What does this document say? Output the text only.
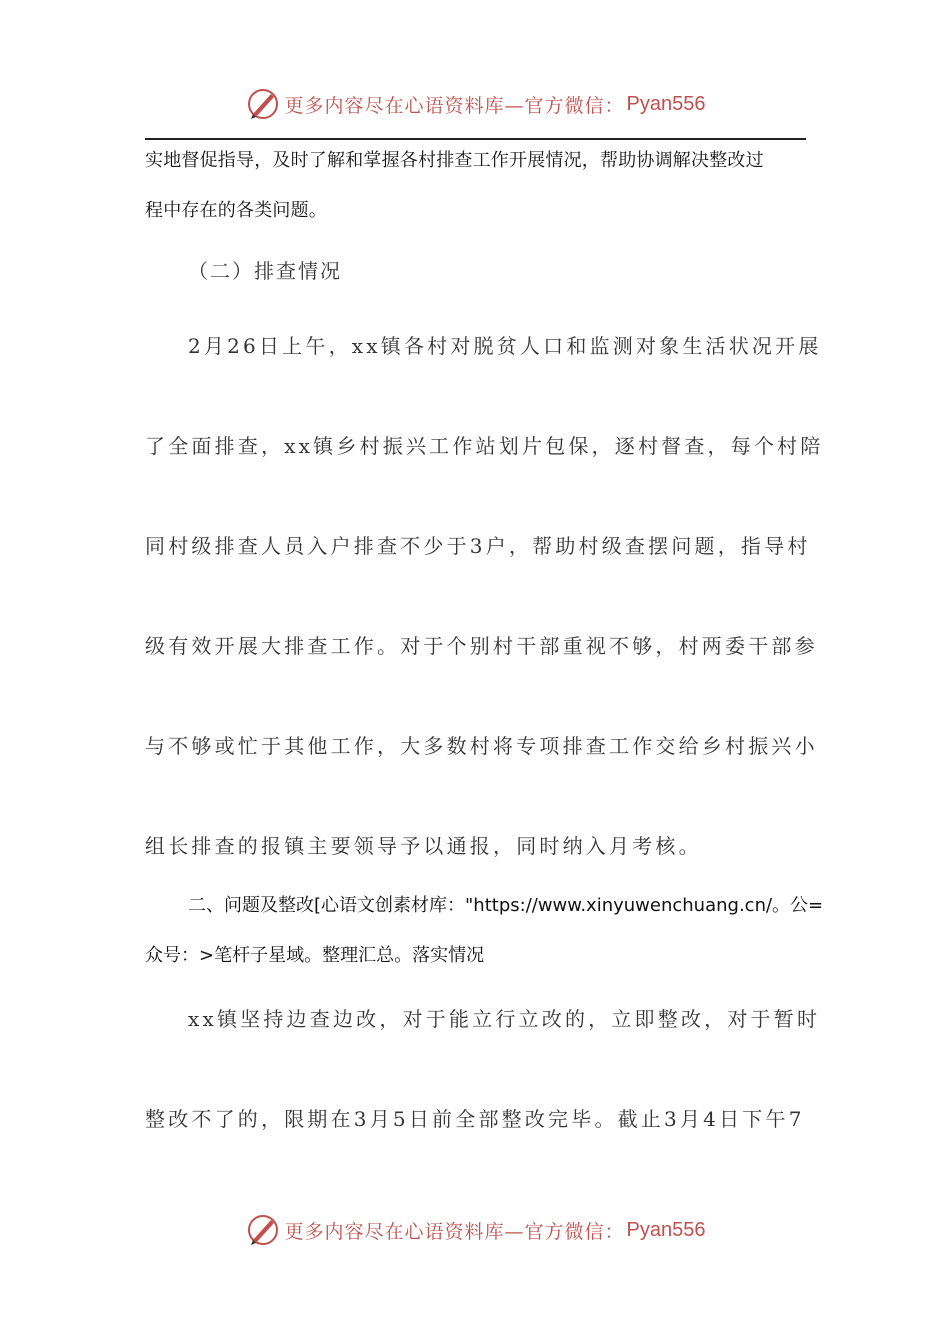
更多内容尽在心语资料库—官方微信： Pyan556
实地督促指导，及时了解和掌握各村排查工作开展情况，帮助协调解决整改过
程中存在的各类问题。
（二）排查情况
2月26日上午，xx镇各村对脱贫人口和监测对象生活状况开展
了全面排查，xx镇乡村振兴工作站划片包保，逐村督查，每个村陪
同村级排查人员入户排查不少于3户，帮助村级查摆问题，指导村
级有效开展大排查工作。对于个别村干部重视不够，村两委干部参
与不够或忙于其他工作，大多数村将专项排查工作交给乡村振兴小
组长排查的报镇主要领导予以通报，同时纳入月考核。
二、问题及整改[心语文创素材库："https://www.xinyuwenchuang.cn/。公=
众号：>笔杆子星域。整理汇总。落实情况
xx镇坚持边查边改，对于能立行立改的，立即整改，对于暂时
整改不了的，限期在3月5日前全部整改完毕。截止3月4日下午7
更多内容尽在心语资料库—官方微信： Pyan556
